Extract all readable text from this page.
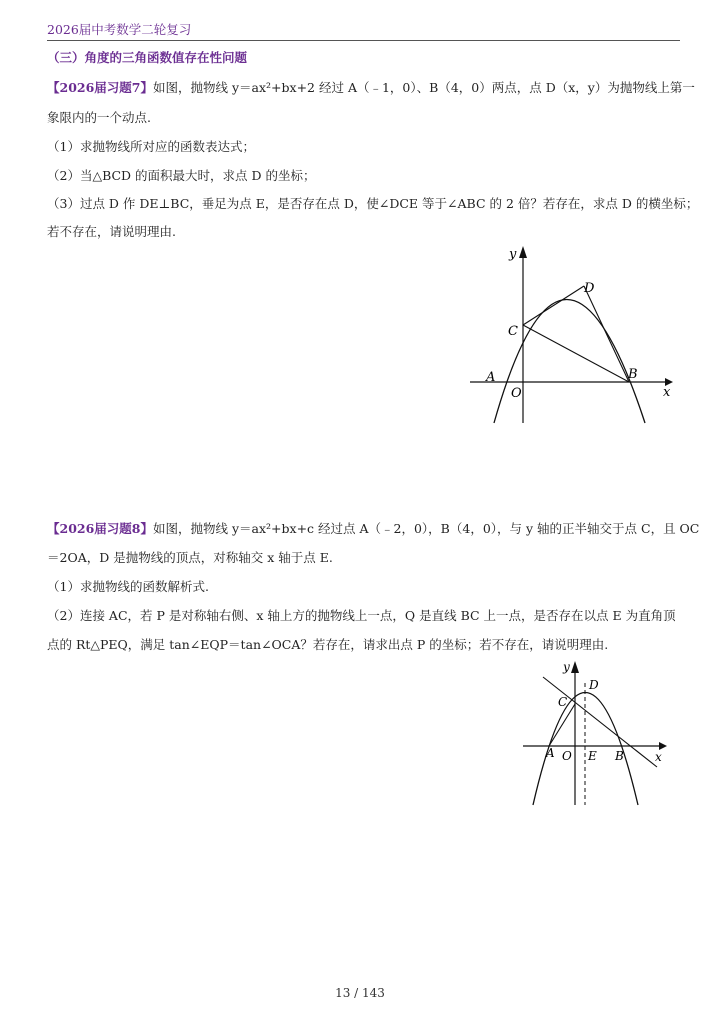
2026届中考数学二轮复习
（三）角度的三角函数值存在性问题
【2026届习题7】如图，抛物线 y＝ax²+bx+2 经过 A（﹣1，0）、B（4，0）两点，点 D（x，y）为抛物线上第一
象限内的一个动点.
（1）求抛物线所对应的函数表达式；
（2）当△BCD 的面积最大时，求点 D 的坐标；
（3）过点 D 作 DE⊥BC，垂足为点 E，是否存在点 D，使∠DCE 等于∠ABC 的 2 倍？若存在，求点 D 的横坐标；
若不存在，请说明理由.
y
x
D
C
A
O
B
【2026届习题8】如图，抛物线 y＝ax²+bx+c 经过点 A（﹣2，0），B（4，0），与 y 轴的正半轴交于点 C，且 OC
＝2OA，D 是抛物线的顶点，对称轴交 x 轴于点 E.
（1）求抛物线的函数解析式.
（2）连接 AC，若 P 是对称轴右侧、x 轴上方的抛物线上一点，Q 是直线 BC 上一点，是否存在以点 E 为直角顶
点的 Rt△PEQ，满足 tan∠EQP＝tan∠OCA？若存在，请求出点 P 的坐标；若不存在，请说明理由.
y
x
D
C
A O E B
13 / 143
